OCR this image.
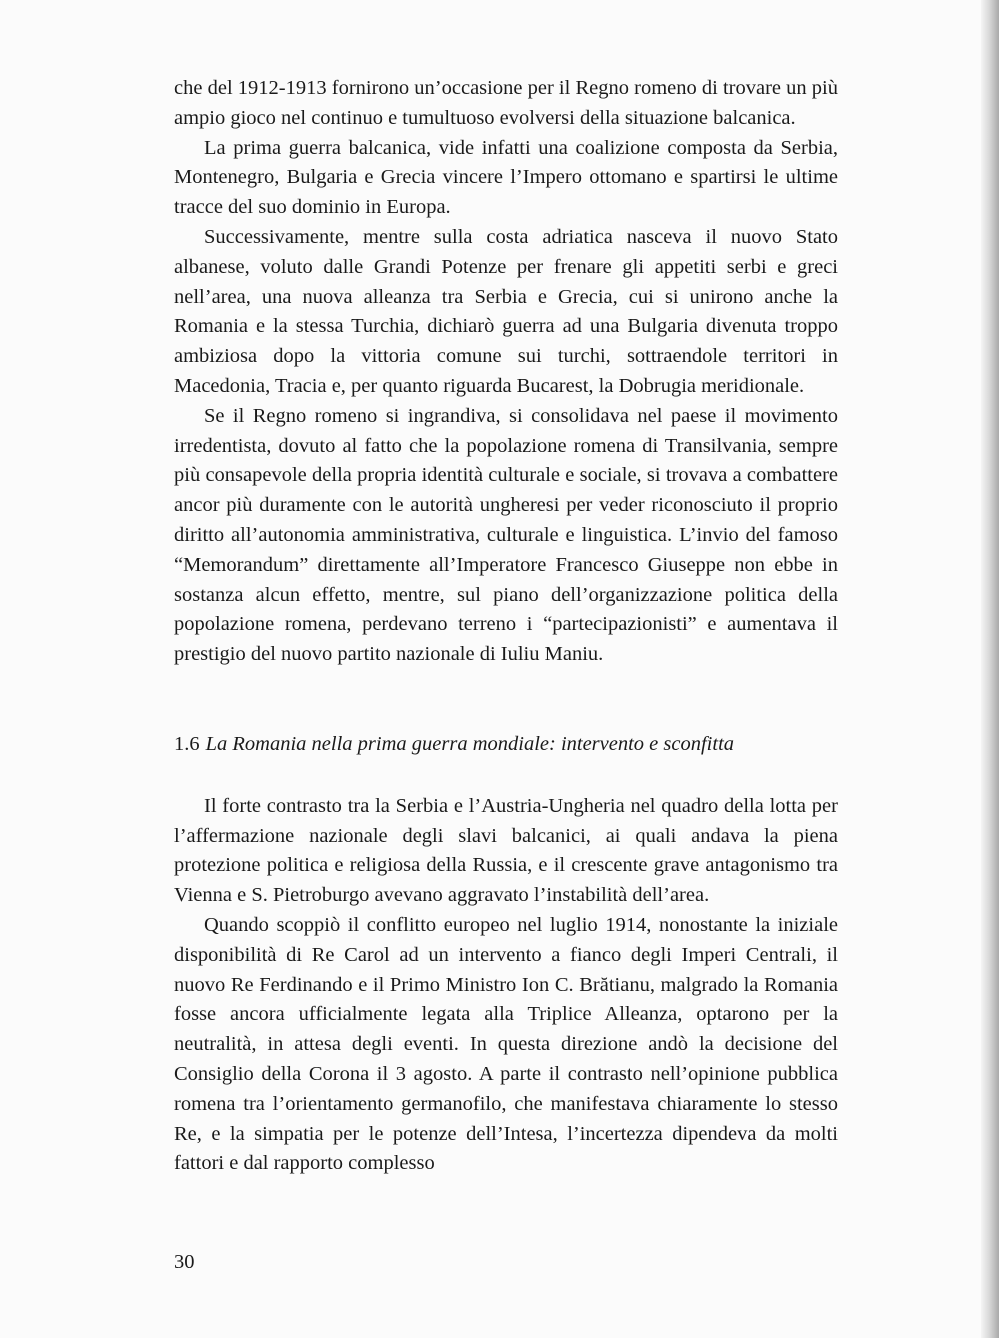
che del 1912-1913 fornirono un’occasione per il Regno romeno di trovare un più ampio gioco nel continuo e tumultuoso evolversi della situazione balcanica.

La prima guerra balcanica, vide infatti una coalizione composta da Serbia, Montenegro, Bulgaria e Grecia vincere l’Impero ottomano e spartirsi le ultime tracce del suo dominio in Europa.

Successivamente, mentre sulla costa adriatica nasceva il nuovo Stato albanese, voluto dalle Grandi Potenze per frenare gli appetiti serbi e greci nell’area, una nuova alleanza tra Serbia e Grecia, cui si unirono anche la Romania e la stessa Turchia, dichiarò guerra ad una Bulgaria divenuta troppo ambiziosa dopo la vittoria comune sui turchi, sottraendole territori in Macedonia, Tracia e, per quanto riguarda Bucarest, la Dobrugia meridionale.

Se il Regno romeno si ingrandiva, si consolidava nel paese il movimento irredentista, dovuto al fatto che la popolazione romena di Transilvania, sempre più consapevole della propria identità culturale e sociale, si trovava a combattere ancor più duramente con le autorità ungheresi per veder riconosciuto il proprio diritto all’autonomia amministrativa, culturale e linguistica. L’invio del famoso “Memorandum” direttamente all’Imperatore Francesco Giuseppe non ebbe in sostanza alcun effetto, mentre, sul piano dell’organizzazione politica della popolazione romena, perdevano terreno i “partecipazionisti” e aumentava il prestigio del nuovo partito nazionale di Iuliu Maniu.

1.6 La Romania nella prima guerra mondiale: intervento e sconfitta

Il forte contrasto tra la Serbia e l’Austria-Ungheria nel quadro della lotta per l’affermazione nazionale degli slavi balcanici, ai quali andava la piena protezione politica e religiosa della Russia, e il crescente grave antagonismo tra Vienna e S. Pietroburgo avevano aggravato l’instabilità dell’area.

Quando scoppiò il conflitto europeo nel luglio 1914, nonostante la iniziale disponibilità di Re Carol ad un intervento a fianco degli Imperi Centrali, il nuovo Re Ferdinando e il Primo Ministro Ion C. Brătianu, malgrado la Romania fosse ancora ufficialmente legata alla Triplice Alleanza, optarono per la neutralità, in attesa degli eventi. In questa direzione andò la decisione del Consiglio della Corona il 3 agosto. A parte il contrasto nell’opinione pubblica romena tra l’orientamento germanofilo, che manifestava chiaramente lo stesso Re, e la simpatia per le potenze dell’Intesa, l’incertezza dipendeva da molti fattori e dal rapporto complesso

30
